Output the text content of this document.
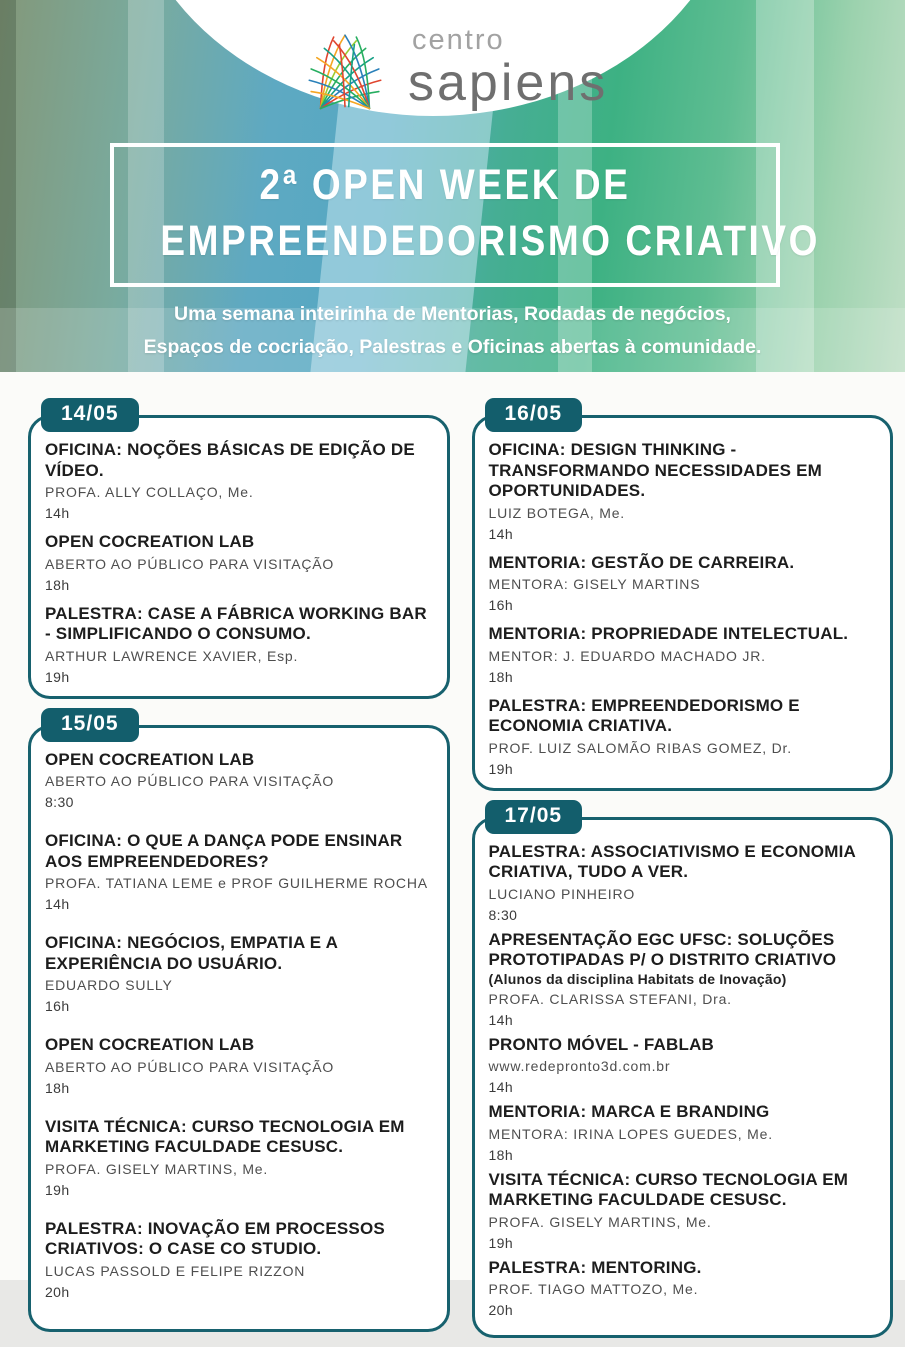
centro
sapiens
2ª OPEN WEEK DE
EMPREENDEDORISMO CRIATIVO
Uma semana inteirinha de Mentorias, Rodadas de negócios,
Espaços de cocriação, Palestras e Oficinas abertas à comunidade.
14/05
OFICINA: NOÇÕES BÁSICAS DE EDIÇÃO DE VÍDEO.
PROFA. ALLY COLLAÇO, Me.
14h
OPEN COCREATION LAB
ABERTO AO PÚBLICO PARA VISITAÇÃO
18h
PALESTRA: CASE A FÁBRICA WORKING BAR - SIMPLIFICANDO O CONSUMO.
ARTHUR LAWRENCE XAVIER, Esp.
19h
15/05
OPEN COCREATION LAB
ABERTO AO PÚBLICO PARA VISITAÇÃO
8:30
OFICINA: O QUE A DANÇA PODE ENSINAR AOS EMPREENDEDORES?
PROFA. TATIANA LEME e PROF GUILHERME ROCHA
14h
OFICINA: NEGÓCIOS, EMPATIA E A EXPERIÊNCIA DO USUÁRIO.
EDUARDO SULLY
16h
OPEN COCREATION LAB
ABERTO AO PÚBLICO PARA VISITAÇÃO
18h
VISITA TÉCNICA: CURSO TECNOLOGIA EM MARKETING FACULDADE CESUSC.
PROFA. GISELY MARTINS, Me.
19h
PALESTRA: INOVAÇÃO EM PROCESSOS CRIATIVOS: O CASE CO STUDIO.
LUCAS PASSOLD E FELIPE RIZZON
20h
16/05
OFICINA: DESIGN THINKING - TRANSFORMANDO NECESSIDADES EM OPORTUNIDADES.
LUIZ BOTEGA, Me.
14h
MENTORIA: GESTÃO DE CARREIRA.
MENTORA: GISELY MARTINS
16h
MENTORIA: PROPRIEDADE INTELECTUAL.
MENTOR: J. EDUARDO MACHADO JR.
18h
PALESTRA: EMPREENDEDORISMO E ECONOMIA CRIATIVA.
PROF. LUIZ SALOMÃO RIBAS GOMEZ, Dr.
19h
17/05
PALESTRA: ASSOCIATIVISMO E ECONOMIA CRIATIVA, TUDO A VER.
LUCIANO PINHEIRO
8:30
APRESENTAÇÃO EGC UFSC: SOLUÇÕES PROTOTIPADAS P/ O DISTRITO CRIATIVO
(Alunos da disciplina Habitats de Inovação)
PROFA. CLARISSA STEFANI, Dra.
14h
PRONTO MÓVEL - FABLAB
www.redepronto3d.com.br
14h
MENTORIA: MARCA E BRANDING
MENTORA: IRINA LOPES GUEDES, Me.
18h
VISITA TÉCNICA: CURSO TECNOLOGIA EM MARKETING FACULDADE CESUSC.
PROFA. GISELY MARTINS, Me.
19h
PALESTRA: MENTORING.
PROF. TIAGO MATTOZO, Me.
20h
